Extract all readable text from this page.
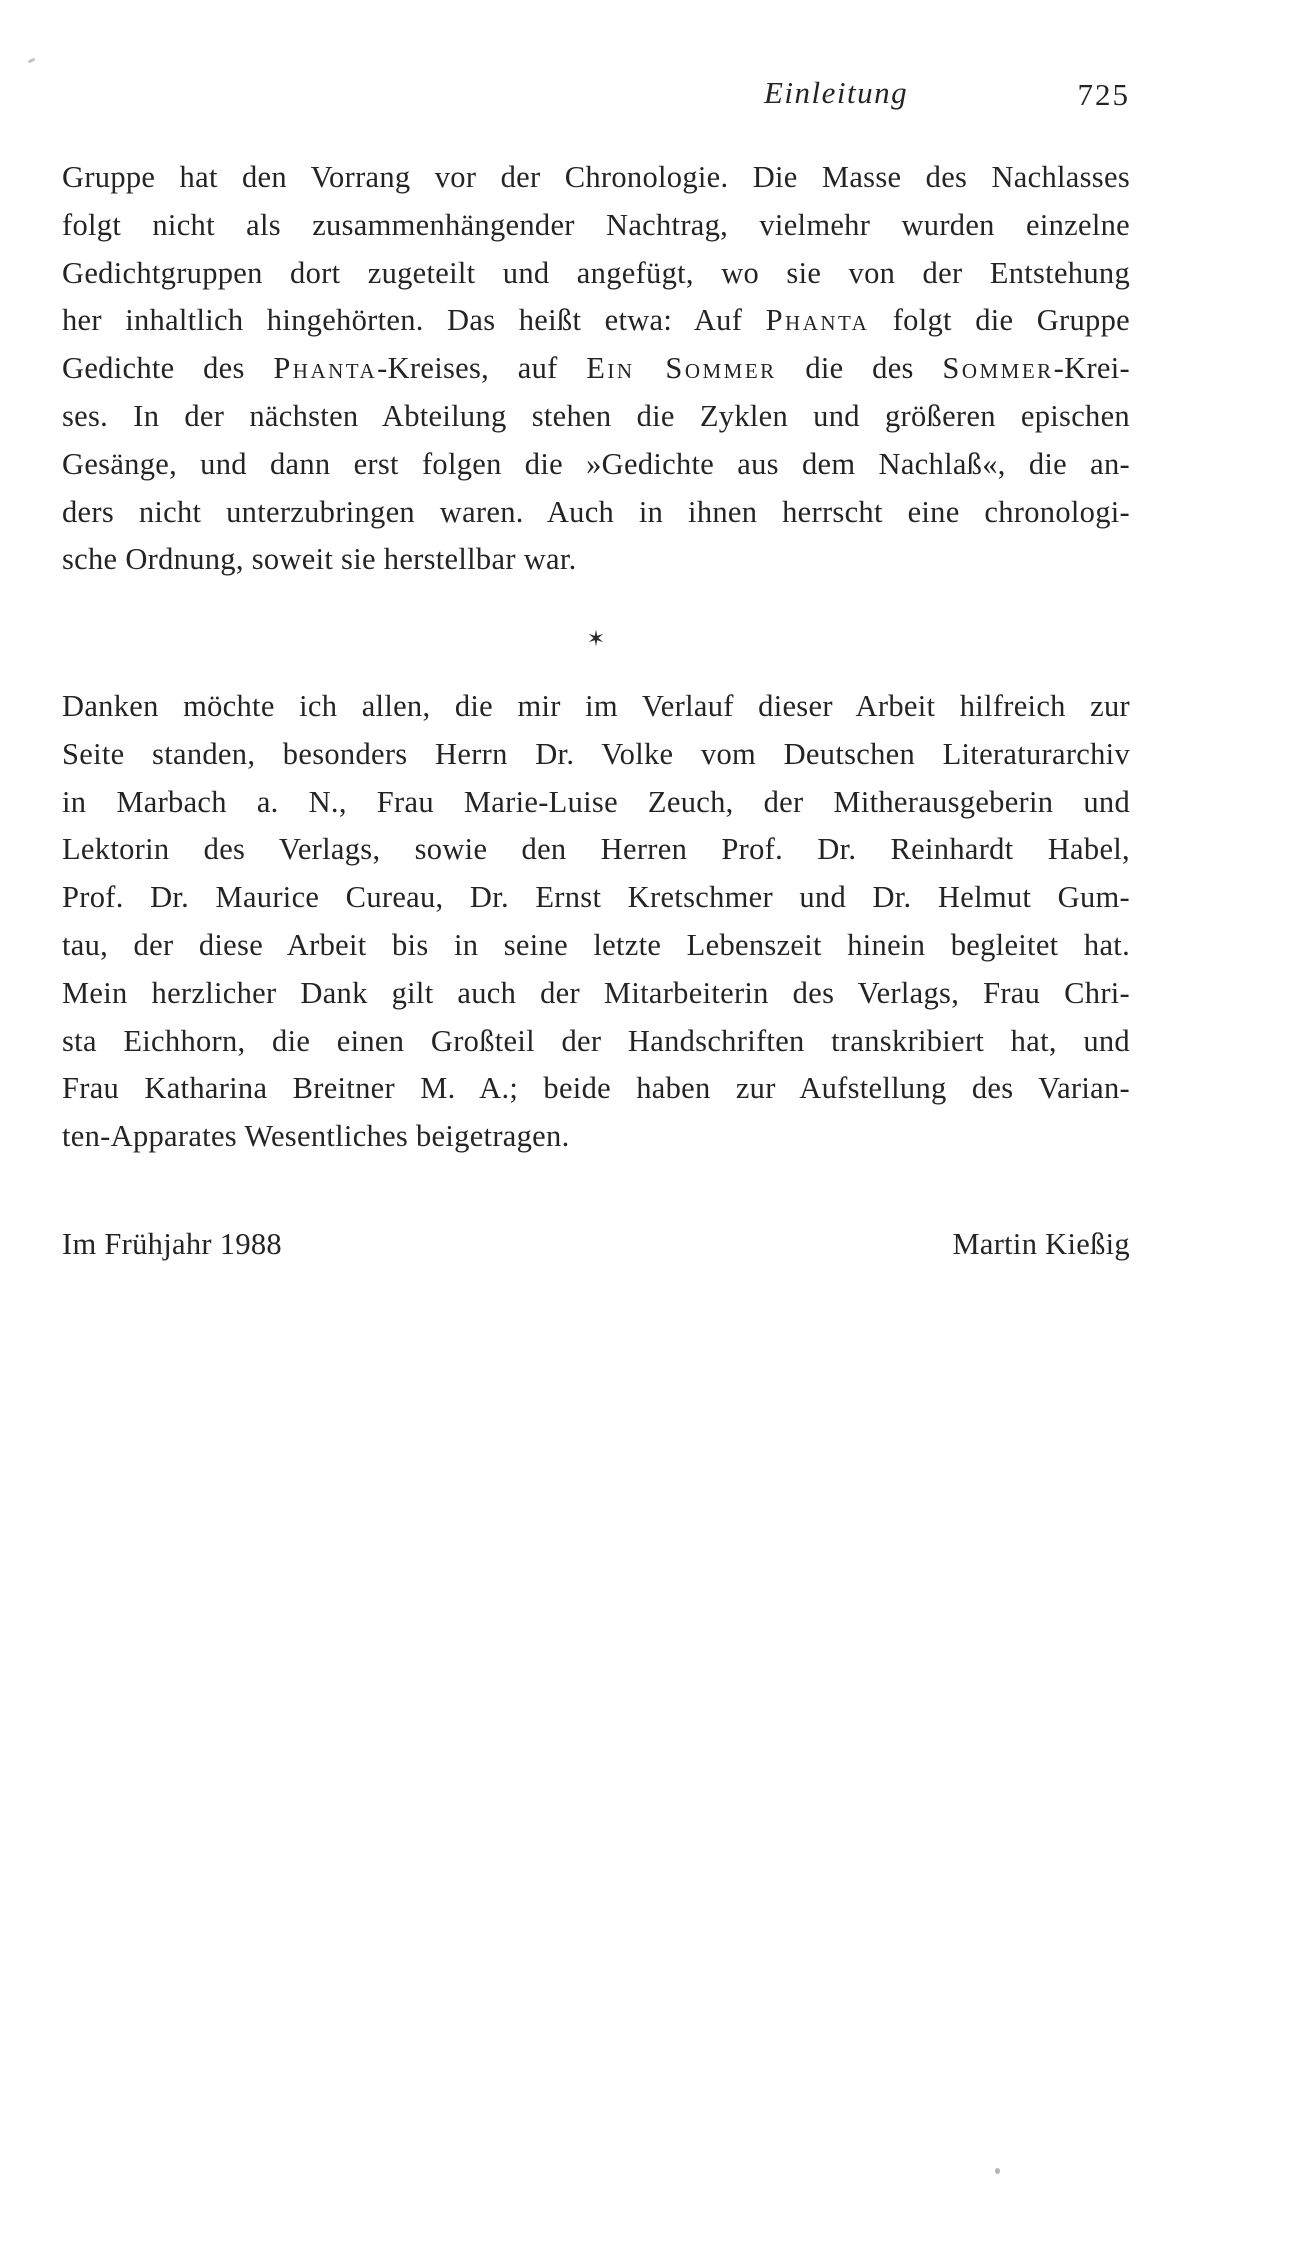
Einleitung	725
Gruppe hat den Vorrang vor der Chronologie. Die Masse des Nachlasses
folgt nicht als zusammenhängender Nachtrag, vielmehr wurden einzelne
Gedichtgruppen dort zugeteilt und angefügt, wo sie von der Entstehung
her inhaltlich hingehörten. Das heißt etwa: Auf Phanta folgt die Gruppe
Gedichte des Phanta-Kreises, auf Ein Sommer die des Sommer-Krei-
ses. In der nächsten Abteilung stehen die Zyklen und größeren epischen
Gesänge, und dann erst folgen die »Gedichte aus dem Nachlaß«, die an-
ders nicht unterzubringen waren. Auch in ihnen herrscht eine chronologi-
sche Ordnung, soweit sie herstellbar war.
✶
Danken möchte ich allen, die mir im Verlauf dieser Arbeit hilfreich zur
Seite standen, besonders Herrn Dr. Volke vom Deutschen Literaturarchiv
in Marbach a. N., Frau Marie-Luise Zeuch, der Mitherausgeberin und
Lektorin des Verlags, sowie den Herren Prof. Dr. Reinhardt Habel,
Prof. Dr. Maurice Cureau, Dr. Ernst Kretschmer und Dr. Helmut Gum-
tau, der diese Arbeit bis in seine letzte Lebenszeit hinein begleitet hat.
Mein herzlicher Dank gilt auch der Mitarbeiterin des Verlags, Frau Chri-
sta Eichhorn, die einen Großteil der Handschriften transkribiert hat, und
Frau Katharina Breitner M. A.; beide haben zur Aufstellung des Varian-
ten-Apparates Wesentliches beigetragen.
Im Frühjahr 1988	Martin Kießig
